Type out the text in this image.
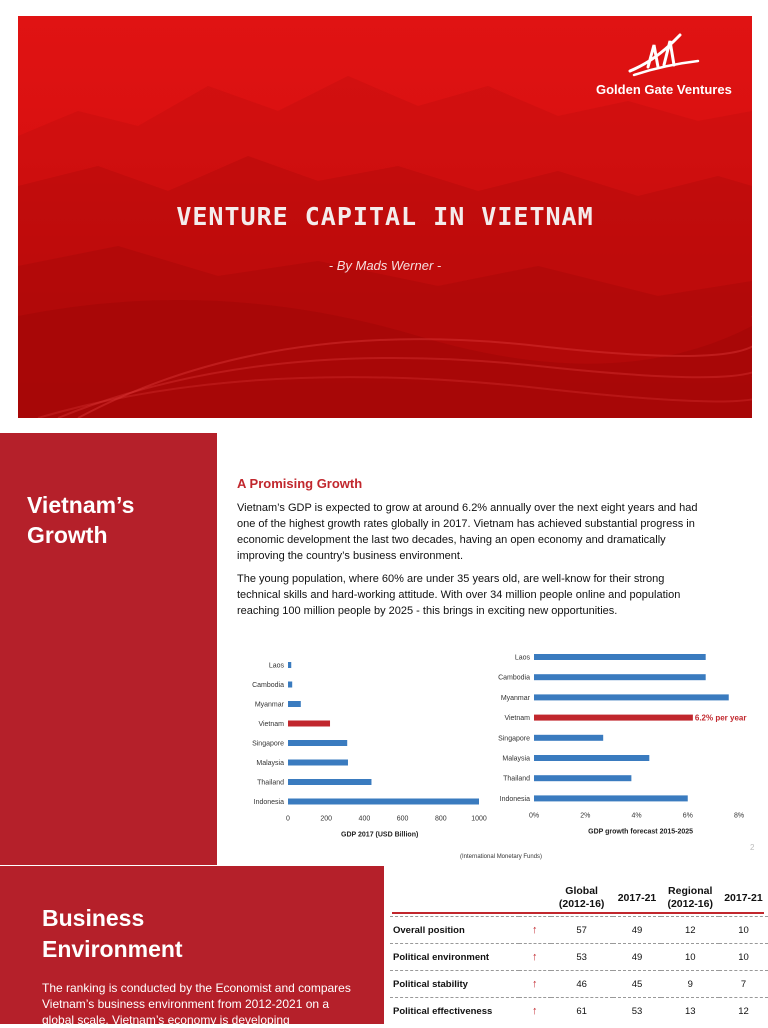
Golden Gate Ventures
VENTURE CAPITAL IN VIETNAM
- By Mads Werner -
Vietnam’s Growth
A Promising Growth
Vietnam’s GDP is expected to grow at around 6.2% annually over the next eight years and had one of the highest growth rates globally in 2017. Vietnam has achieved substantial progress in economic development the last two decades, having an open economy and dramatically improving the country’s business environment.
The young population, where 60% are under 35 years old, are well-know for their strong technical skills and hard-working attitude. With over 34 million people online and population reaching 100 million people by 2025 - this brings in exciting new opportunities.
Laos
Cambodia
Myanmar
Vietnam
Singapore
Malaysia
Thailand
Indonesia
0	200	400	600	800	1000
GDP 2017 (USD Billion)
Laos
Cambodia
Myanmar
Vietnam	6.2% per year
Singapore
Malaysia
Thailand
Indonesia
0%	2%	4%	6%	8%
GDP growth forecast 2015-2025
(International Monetary Funds)
2
Business Environment
The ranking is conducted by the Economist and compares Vietnam’s business environment from 2012-2021 on a global scale. Vietnam’s economy is developing
		Global (2012-16)	2017-21	Regional (2012-16)	2017-21
Overall position	↑	57	49	12	10
Political environment	↑	53	49	10	10
Political stability	↑	46	45	9	7
Political effectiveness	↑	61	53	13	12
